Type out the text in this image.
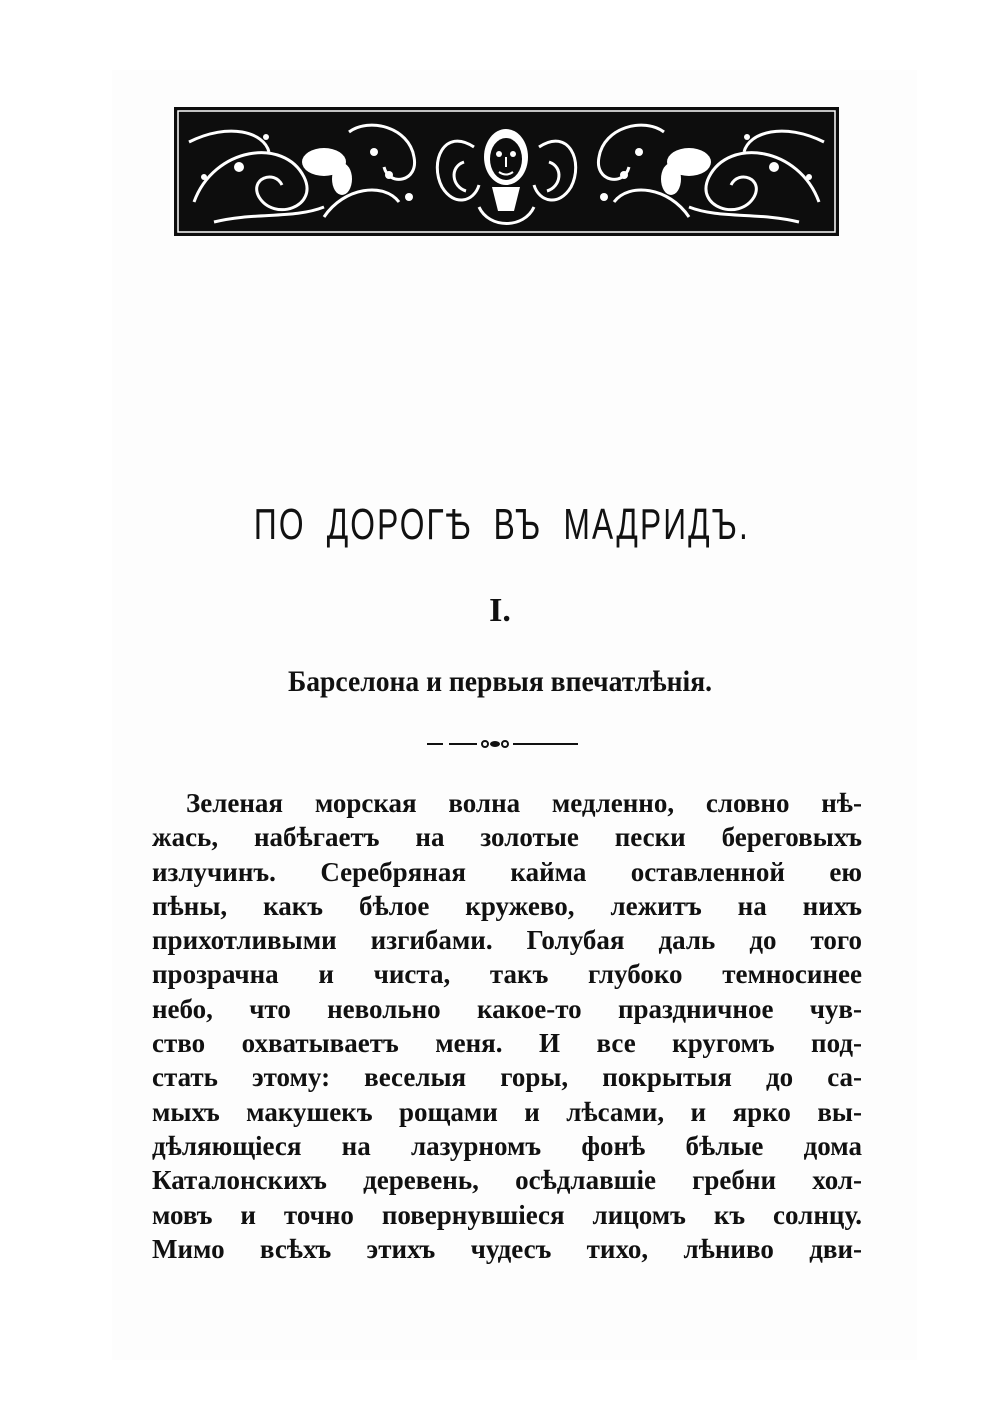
ПО ДОРОГѢ ВЪ МАДРИДЪ.
I.
Барселона и первыя впечатлѣнія.
Зеленая морская волна медленно, словно нѣ-
жась, набѣгаетъ на золотые пески береговыхъ
излучинъ. Серебряная кайма оставленной ею
пѣны, какъ бѣлое кружево, лежитъ на нихъ
прихотливыми изгибами. Голубая даль до того
прозрачна и чиста, такъ глубоко темносинее
небо, что невольно какое-то праздничное чув-
ство охватываетъ меня. И все кругомъ под-
стать этому: веселыя горы, покрытыя до са-
мыхъ макушекъ рощами и лѣсами, и ярко вы-
дѣляющіеся на лазурномъ фонѣ бѣлые дома
Каталонскихъ деревень, осѣдлавшіе гребни хол-
мовъ и точно повернувшіеся лицомъ къ солнцу.
Мимо всѣхъ этихъ чудесъ тихо, лѣниво дви-
